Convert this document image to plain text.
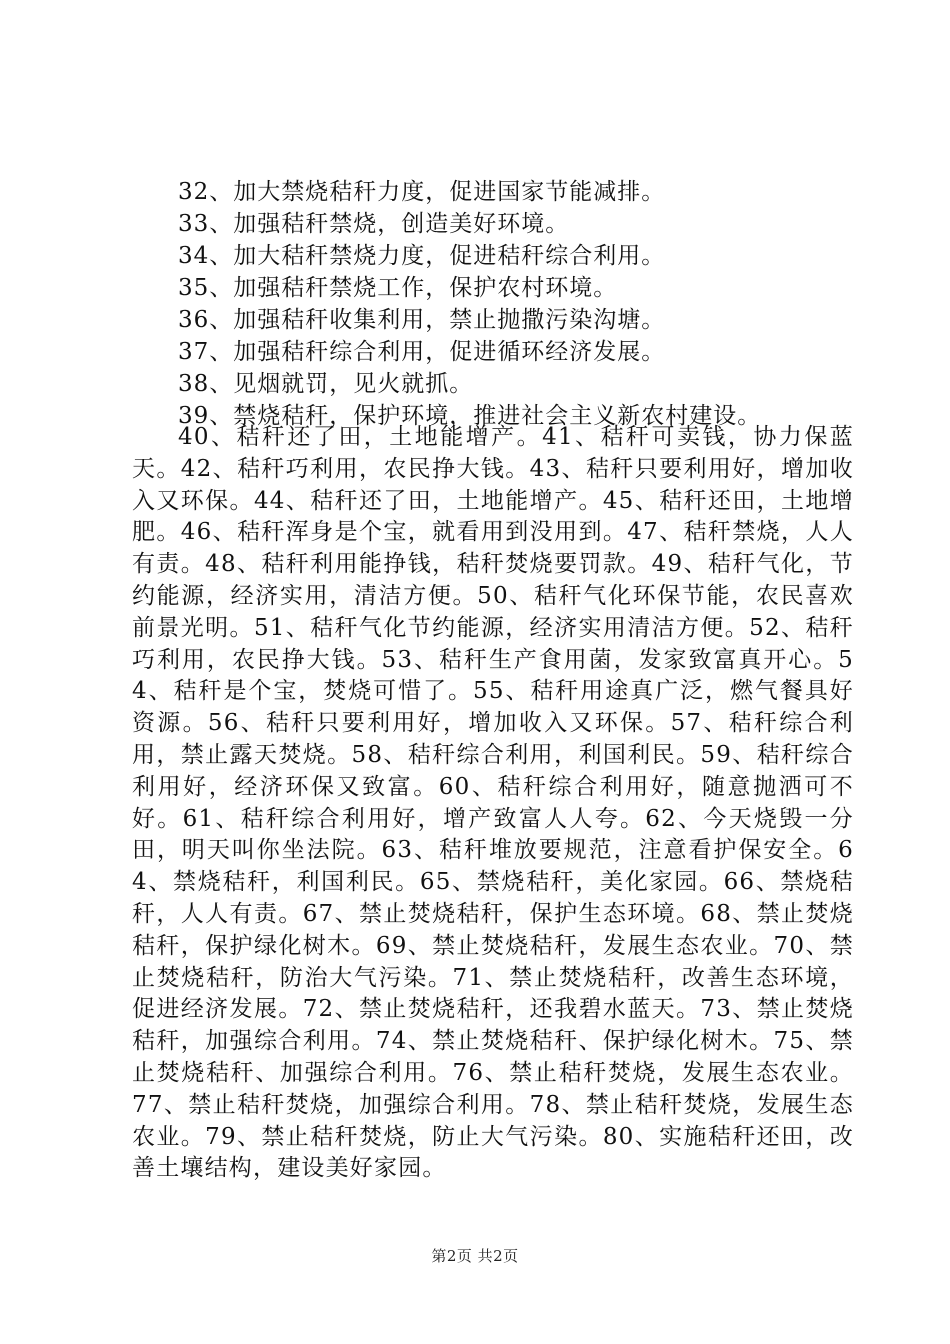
32、加大禁烧秸秆力度，促进国家节能减排。
33、加强秸秆禁烧，创造美好环境。
34、加大秸秆禁烧力度，促进秸秆综合利用。
35、加强秸秆禁烧工作，保护农村环境。
36、加强秸秆收集利用，禁止抛撒污染沟塘。
37、加强秸秆综合利用，促进循环经济发展。
38、见烟就罚，见火就抓。
39、禁烧秸秆，保护环境，推进社会主义新农村建设。
40、秸秆还了田，土地能增产。41、秸秆可卖钱，协力保蓝天。42、秸秆巧利用，农民挣大钱。43、秸秆只要利用好，增加收入又环保。44、秸秆还了田，土地能增产。45、秸秆还田，土地增肥。46、秸秆浑身是个宝，就看用到没用到。47、秸秆禁烧，人人有责。48、秸秆利用能挣钱，秸秆焚烧要罚款。49、秸秆气化，节约能源，经济实用，清洁方便。50、秸秆气化环保节能，农民喜欢前景光明。51、秸秆气化节约能源，经济实用清洁方便。52、秸秆巧利用，农民挣大钱。53、秸秆生产食用菌，发家致富真开心。54、秸秆是个宝，焚烧可惜了。55、秸秆用途真广泛，燃气餐具好资源。56、秸秆只要利用好，增加收入又环保。57、秸秆综合利用，禁止露天焚烧。58、秸秆综合利用，利国利民。59、秸秆综合利用好，经济环保又致富。60、秸秆综合利用好，随意抛洒可不好。61、秸秆综合利用好，增产致富人人夸。62、今天烧毁一分田，明天叫你坐法院。63、秸秆堆放要规范，注意看护保安全。64、禁烧秸秆，利国利民。65、禁烧秸秆，美化家园。66、禁烧秸秆，人人有责。67、禁止焚烧秸秆，保护生态环境。68、禁止焚烧秸秆，保护绿化树木。69、禁止焚烧秸秆，发展生态农业。70、禁止焚烧秸秆，防治大气污染。71、禁止焚烧秸秆，改善生态环境，促进经济发展。72、禁止焚烧秸秆，还我碧水蓝天。73、禁止焚烧秸秆，加强综合利用。74、禁止焚烧秸秆、保护绿化树木。75、禁止焚烧秸秆、加强综合利用。76、禁止秸秆焚烧，发展生态农业。77、禁止秸秆焚烧，加强综合利用。78、禁止秸秆焚烧，发展生态农业。79、禁止秸秆焚烧，防止大气污染。80、实施秸秆还田，改善土壤结构，建设美好家园。
第2页 共2页
